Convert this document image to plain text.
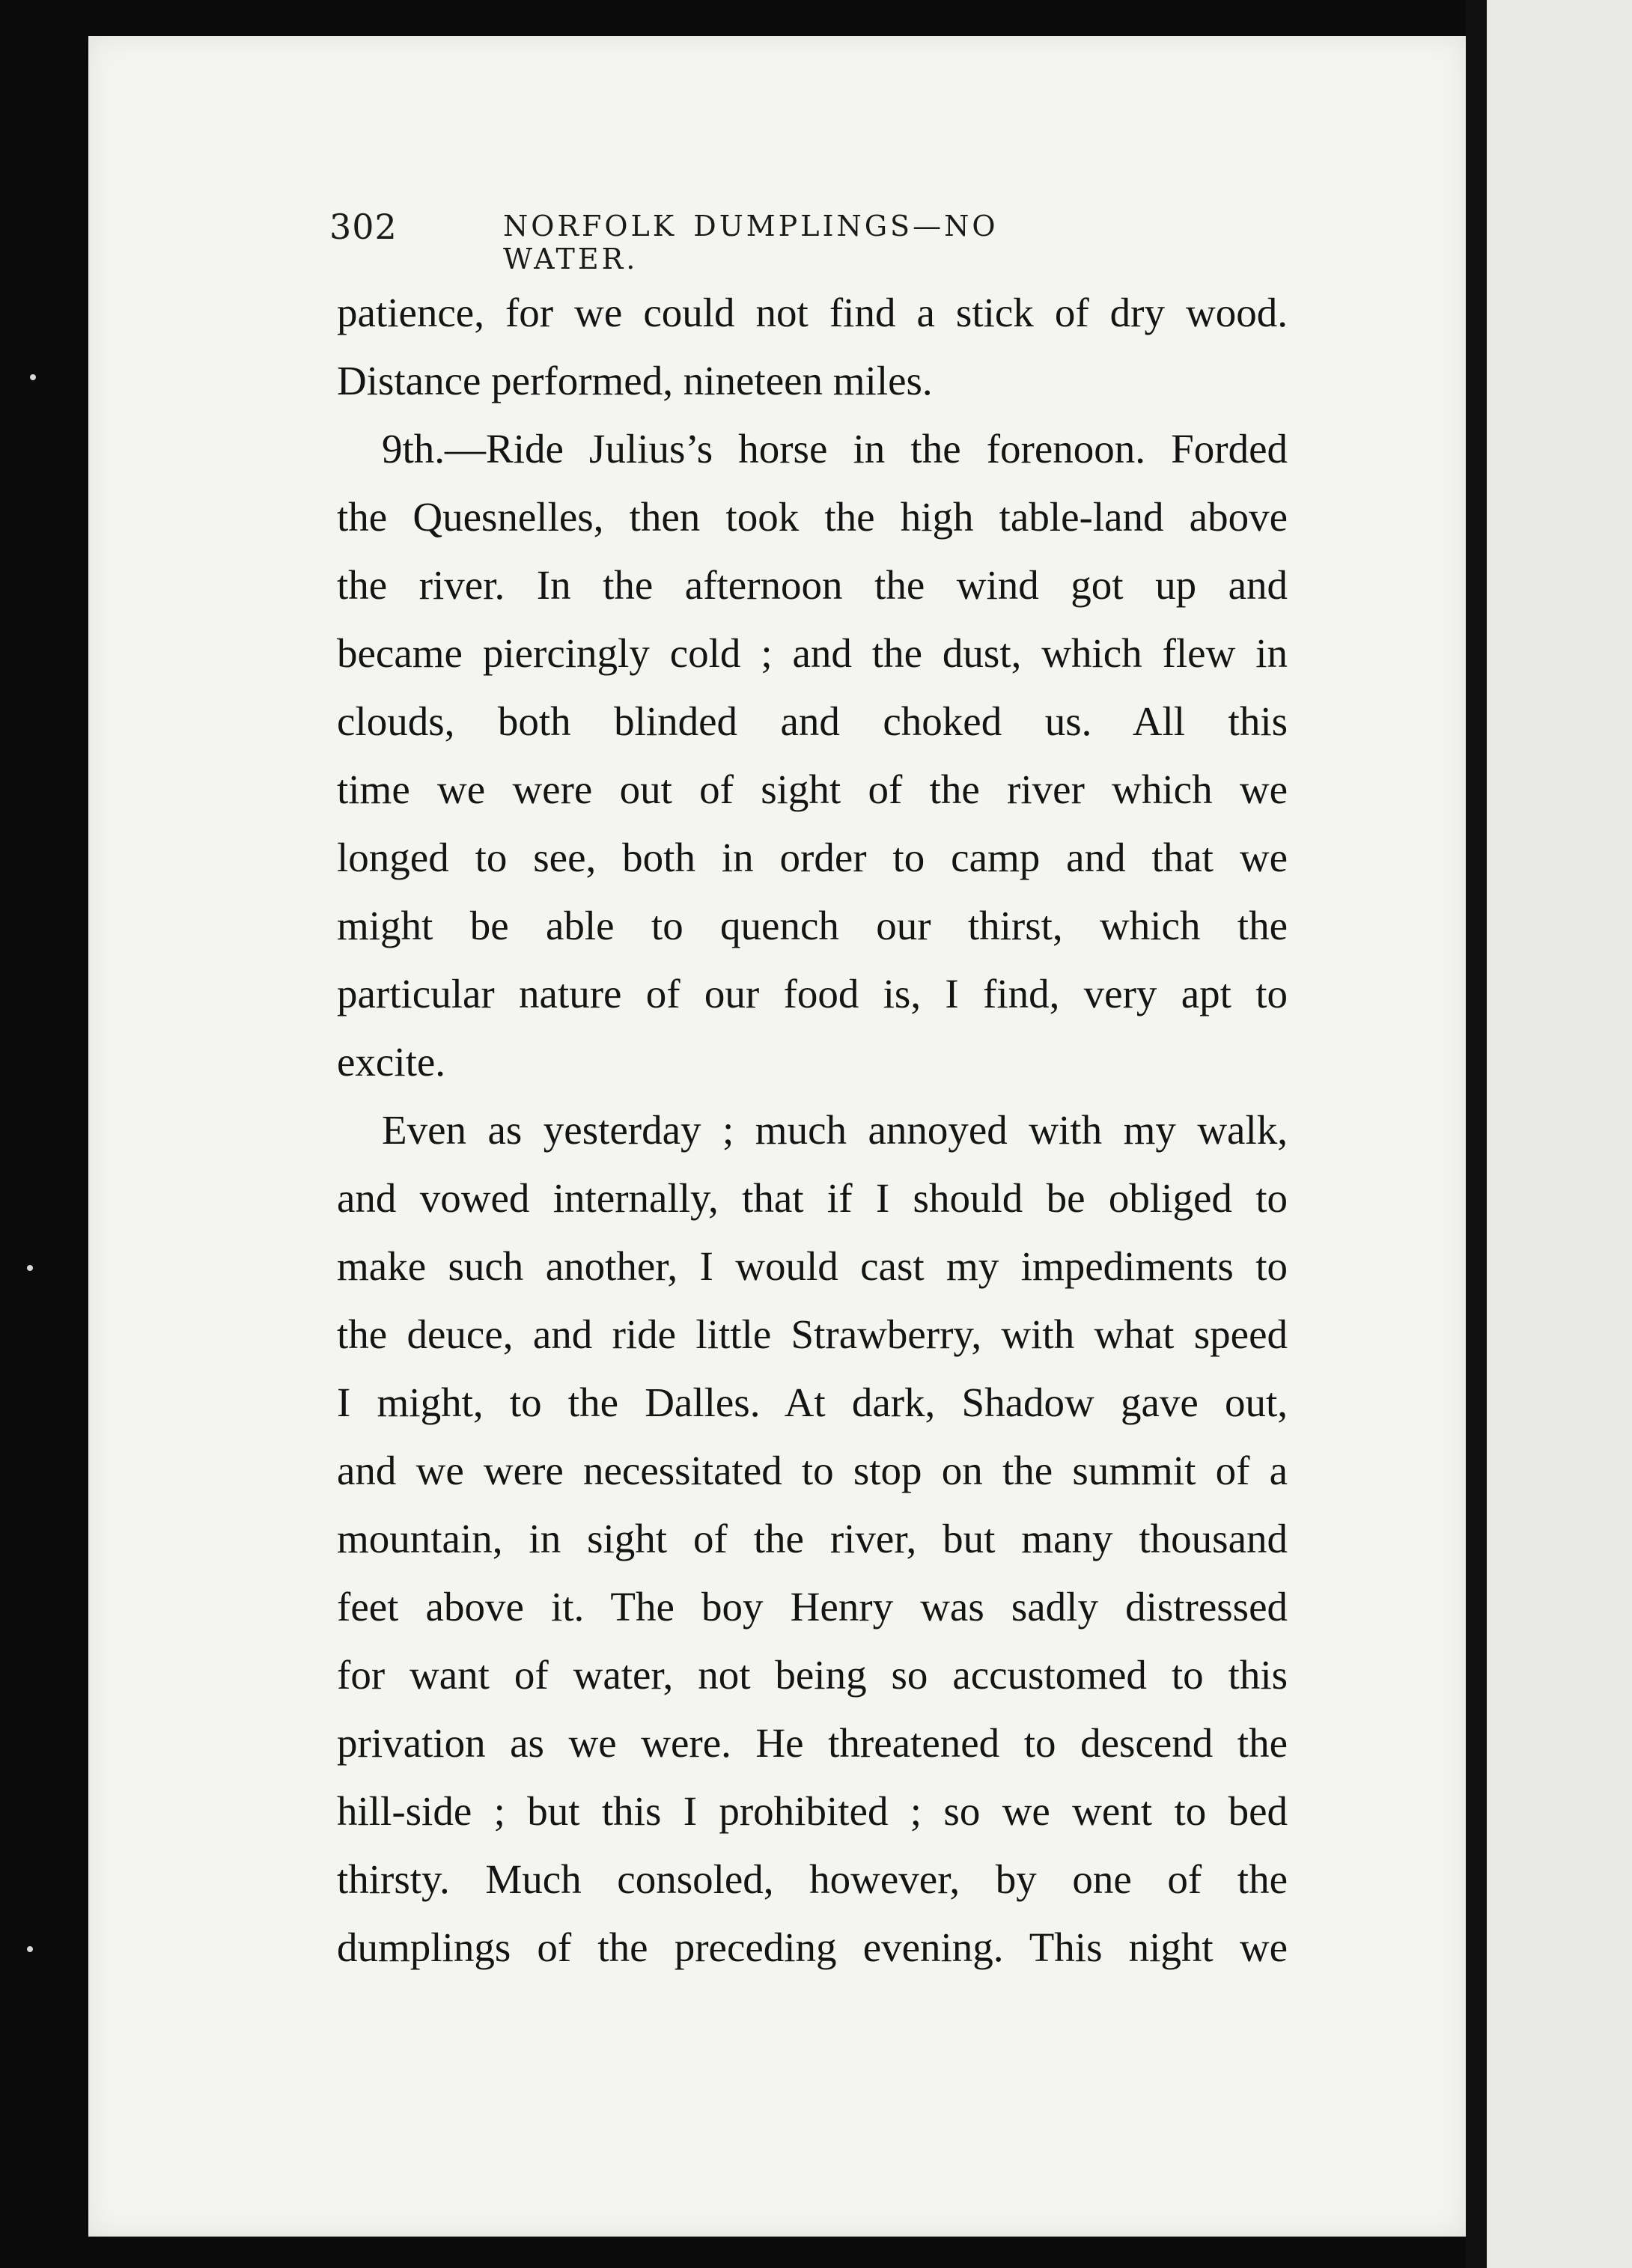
302	NORFOLK DUMPLINGS—NO WATER.
patience, for we could not find a stick of dry wood.
Distance performed, nineteen miles.
9th.—Ride Julius’s horse in the forenoon. Forded
the Quesnelles, then took the high table-land above
the river. In the afternoon the wind got up and
became piercingly cold ; and the dust, which flew in
clouds, both blinded and choked us. All this
time we were out of sight of the river which we
longed to see, both in order to camp and that we
might be able to quench our thirst, which the
particular nature of our food is, I find, very apt to
excite.
Even as yesterday ; much annoyed with my walk,
and vowed internally, that if I should be obliged to
make such another, I would cast my impediments to
the deuce, and ride little Strawberry, with what speed
I might, to the Dalles. At dark, Shadow gave out,
and we were necessitated to stop on the summit of a
mountain, in sight of the river, but many thousand
feet above it. The boy Henry was sadly distressed
for want of water, not being so accustomed to this
privation as we were. He threatened to descend the
hill-side ; but this I prohibited ; so we went to bed
thirsty. Much consoled, however, by one of the
dumplings of the preceding evening. This night we
